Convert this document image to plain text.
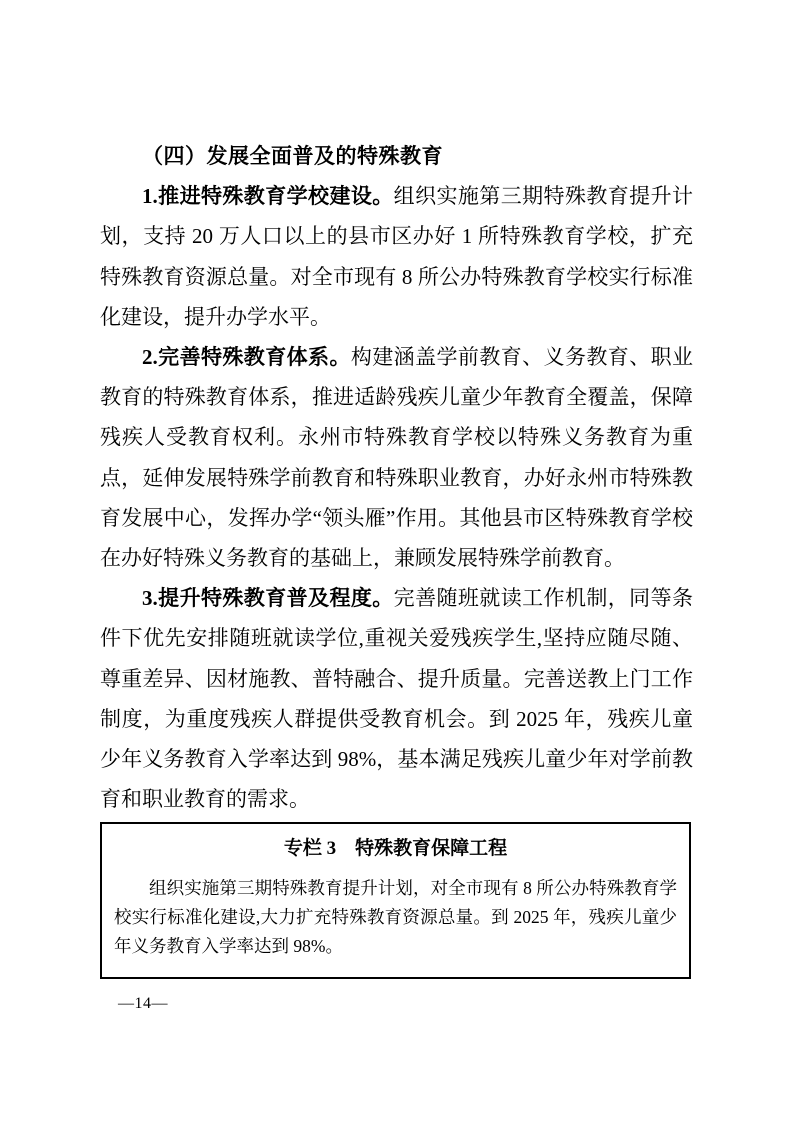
（四）发展全面普及的特殊教育

1.推进特殊教育学校建设。组织实施第三期特殊教育提升计划，支持 20 万人口以上的县市区办好 1 所特殊教育学校，扩充特殊教育资源总量。对全市现有 8 所公办特殊教育学校实行标准化建设，提升办学水平。

2.完善特殊教育体系。构建涵盖学前教育、义务教育、职业教育的特殊教育体系，推进适龄残疾儿童少年教育全覆盖，保障残疾人受教育权利。永州市特殊教育学校以特殊义务教育为重点，延伸发展特殊学前教育和特殊职业教育，办好永州市特殊教育发展中心，发挥办学“领头雁”作用。其他县市区特殊教育学校在办好特殊义务教育的基础上，兼顾发展特殊学前教育。

3.提升特殊教育普及程度。完善随班就读工作机制，同等条件下优先安排随班就读学位,重视关爱残疾学生,坚持应随尽随、尊重差异、因材施教、普特融合、提升质量。完善送教上门工作制度，为重度残疾人群提供受教育机会。到 2025 年，残疾儿童少年义务教育入学率达到 98%，基本满足残疾儿童少年对学前教育和职业教育的需求。

专栏 3　特殊教育保障工程

组织实施第三期特殊教育提升计划，对全市现有 8 所公办特殊教育学校实行标准化建设,大力扩充特殊教育资源总量。到 2025 年，残疾儿童少年义务教育入学率达到 98%。

—14—
